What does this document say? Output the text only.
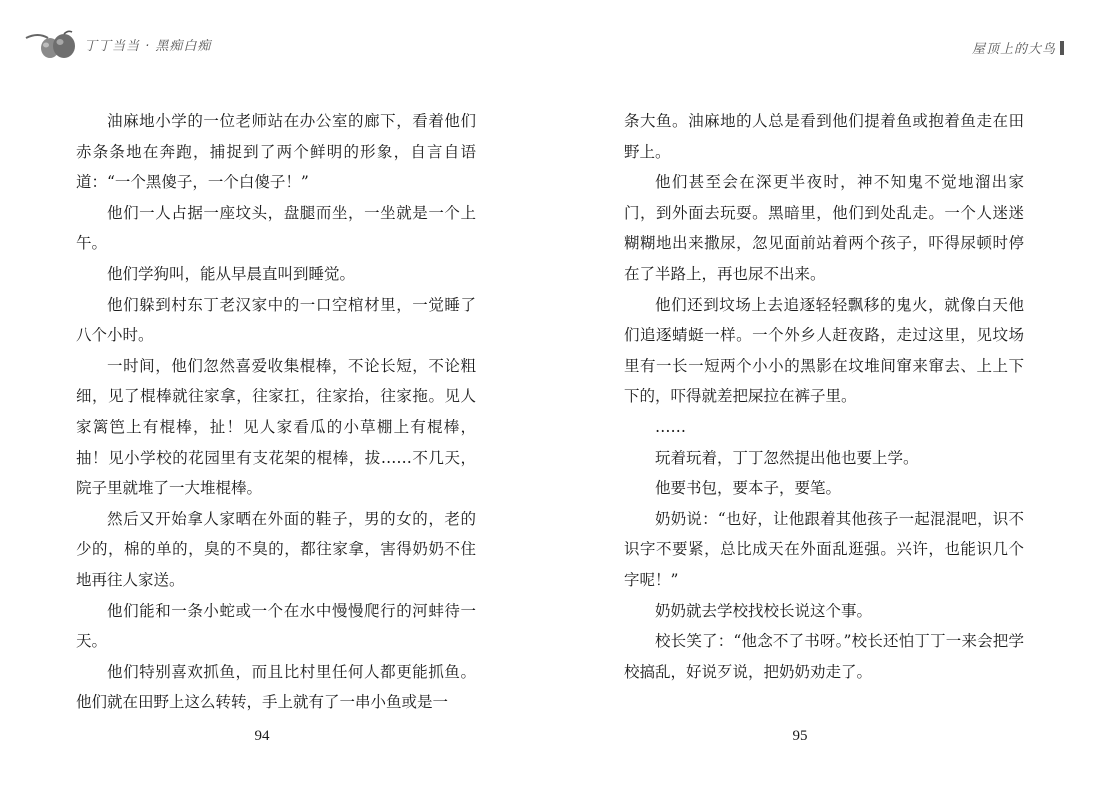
丁丁当当 · 黑痴白痴

油麻地小学的一位老师站在办公室的廊下，看着他们赤条条地在奔跑，捕捉到了两个鲜明的形象，自言自语道：“一个黑傻子，一个白傻子！”

他们一人占据一座坟头，盘腿而坐，一坐就是一个上午。

他们学狗叫，能从早晨直叫到睡觉。

他们躲到村东丁老汉家中的一口空棺材里，一觉睡了八个小时。

一时间，他们忽然喜爱收集棍棒，不论长短，不论粗细，见了棍棒就往家拿，往家扛，往家抬，往家拖。见人家篱笆上有棍棒，扯！见人家看瓜的小草棚上有棍棒，抽！见小学校的花园里有支花架的棍棒，拔……不几天，院子里就堆了一大堆棍棒。

然后又开始拿人家晒在外面的鞋子，男的女的，老的少的，棉的单的，臭的不臭的，都往家拿，害得奶奶不住地再往人家送。

他们能和一条小蛇或一个在水中慢慢爬行的河蚌待一天。

他们特别喜欢抓鱼，而且比村里任何人都更能抓鱼。他们就在田野上这么转转，手上就有了一串小鱼或是一

94
屋顶上的大鸟

条大鱼。油麻地的人总是看到他们提着鱼或抱着鱼走在田野上。

他们甚至会在深更半夜时，神不知鬼不觉地溜出家门，到外面去玩耍。黑暗里，他们到处乱走。一个人迷迷糊糊地出来撒尿，忽见面前站着两个孩子，吓得尿顿时停在了半路上，再也尿不出来。

他们还到坟场上去追逐轻轻飘移的鬼火，就像白天他们追逐蜻蜓一样。一个外乡人赶夜路，走过这里，见坟场里有一长一短两个小小的黑影在坟堆间窜来窜去、上上下下的，吓得就差把屎拉在裤子里。

……

玩着玩着，丁丁忽然提出他也要上学。

他要书包，要本子，要笔。

奶奶说：“也好，让他跟着其他孩子一起混混吧，识不识字不要紧，总比成天在外面乱逛强。兴许，也能识几个字呢！”

奶奶就去学校找校长说这个事。

校长笑了：“他念不了书呀。”校长还怕丁丁一来会把学校搞乱，好说歹说，把奶奶劝走了。

95
